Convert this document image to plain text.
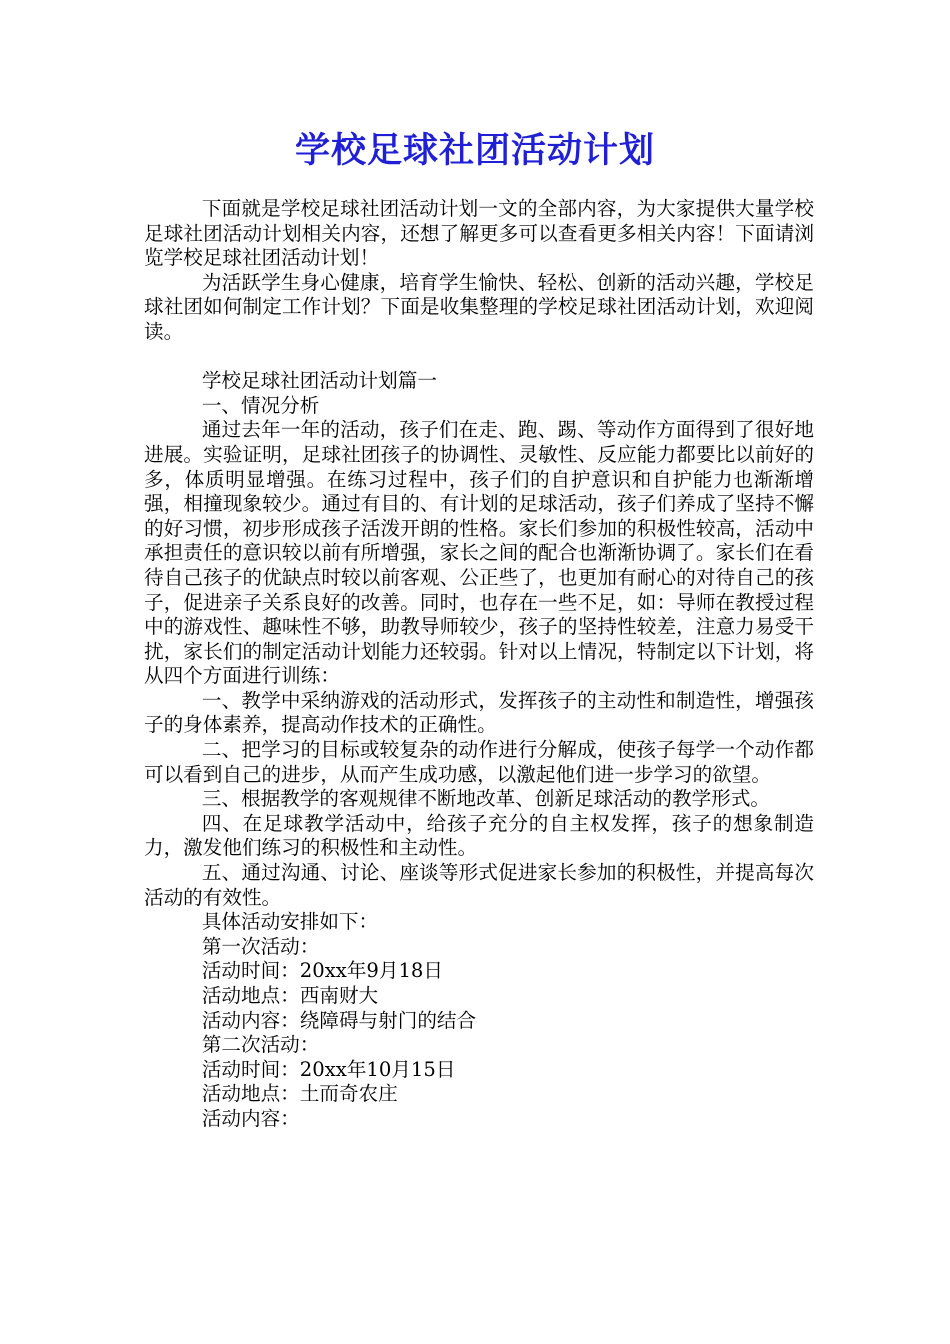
学校足球社团活动计划

下面就是学校足球社团活动计划一文的全部内容，为大家提供大量学校足球社团活动计划相关内容，还想了解更多可以查看更多相关内容！下面请浏览学校足球社团活动计划！

为活跃学生身心健康，培育学生愉快、轻松、创新的活动兴趣，学校足球社团如何制定工作计划？下面是收集整理的学校足球社团活动计划，欢迎阅读。

学校足球社团活动计划篇一

一、情况分析

通过去年一年的活动，孩子们在走、跑、踢、等动作方面得到了很好地进展。实验证明，足球社团孩子的协调性、灵敏性、反应能力都要比以前好的多，体质明显增强。在练习过程中，孩子们的自护意识和自护能力也渐渐增强，相撞现象较少。通过有目的、有计划的足球活动，孩子们养成了坚持不懈的好习惯，初步形成孩子活泼开朗的性格。家长们参加的积极性较高，活动中承担责任的意识较以前有所增强，家长之间的配合也渐渐协调了。家长们在看待自己孩子的优缺点时较以前客观、公正些了，也更加有耐心的对待自己的孩子，促进亲子关系良好的改善。同时，也存在一些不足，如：导师在教授过程中的游戏性、趣味性不够，助教导师较少，孩子的坚持性较差，注意力易受干扰，家长们的制定活动计划能力还较弱。针对以上情况，特制定以下计划，将从四个方面进行训练：

一、教学中采纳游戏的活动形式，发挥孩子的主动性和制造性，增强孩子的身体素养，提高动作技术的正确性。

二、把学习的目标或较复杂的动作进行分解成，使孩子每学一个动作都可以看到自己的进步，从而产生成功感，以激起他们进一步学习的欲望。

三、根据教学的客观规律不断地改革、创新足球活动的教学形式。

四、在足球教学活动中，给孩子充分的自主权发挥，孩子的想象制造力，激发他们练习的积极性和主动性。

五、通过沟通、讨论、座谈等形式促进家长参加的积极性，并提高每次活动的有效性。

具体活动安排如下：

第一次活动：

活动时间：20xx年9月18日

活动地点：西南财大

活动内容：绕障碍与射门的结合

第二次活动：

活动时间：20xx年10月15日

活动地点：土而奇农庄

活动内容：
